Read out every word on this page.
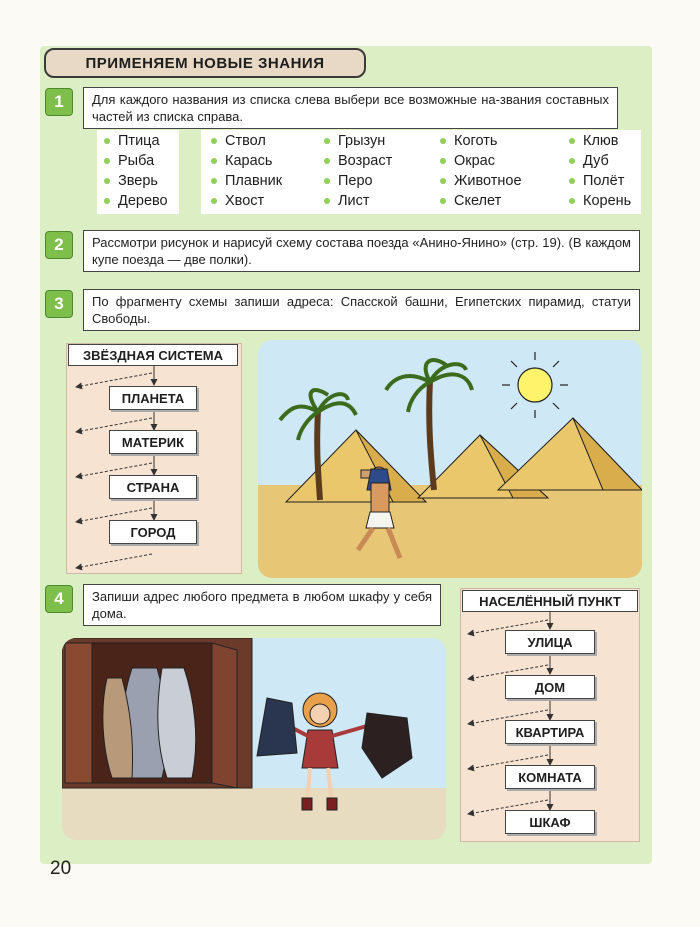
ПРИМЕНЯЕМ НОВЫЕ ЗНАНИЯ
1	Для каждого названия из списка слева выбери все возможные на-звания составных частей из списка справа.
Птица
Рыба
Зверь
Дерево
Ствол
Карась
Плавник
Хвост
Грызун
Возраст
Перо
Лист
Коготь
Окрас
Животное
Скелет
Клюв
Дуб
Полёт
Корень
2	Рассмотри рисунок и нарисуй схему состава поезда «Анино-Янино» (стр. 19). (В каждом купе поезда — две полки).
3	По фрагменту схемы запиши адреса: Спасской башни, Египетских пирамид, статуи Свободы.
ЗВЁЗДНАЯ СИСТЕМА
ПЛАНЕТА
МАТЕРИК
СТРАНА
ГОРОД
4	Запиши адрес любого предмета в любом шкафу у себя дома.
НАСЕЛЁННЫЙ ПУНКТ
УЛИЦА
ДОМ
КВАРТИРА
КОМНАТА
ШКАФ
20
